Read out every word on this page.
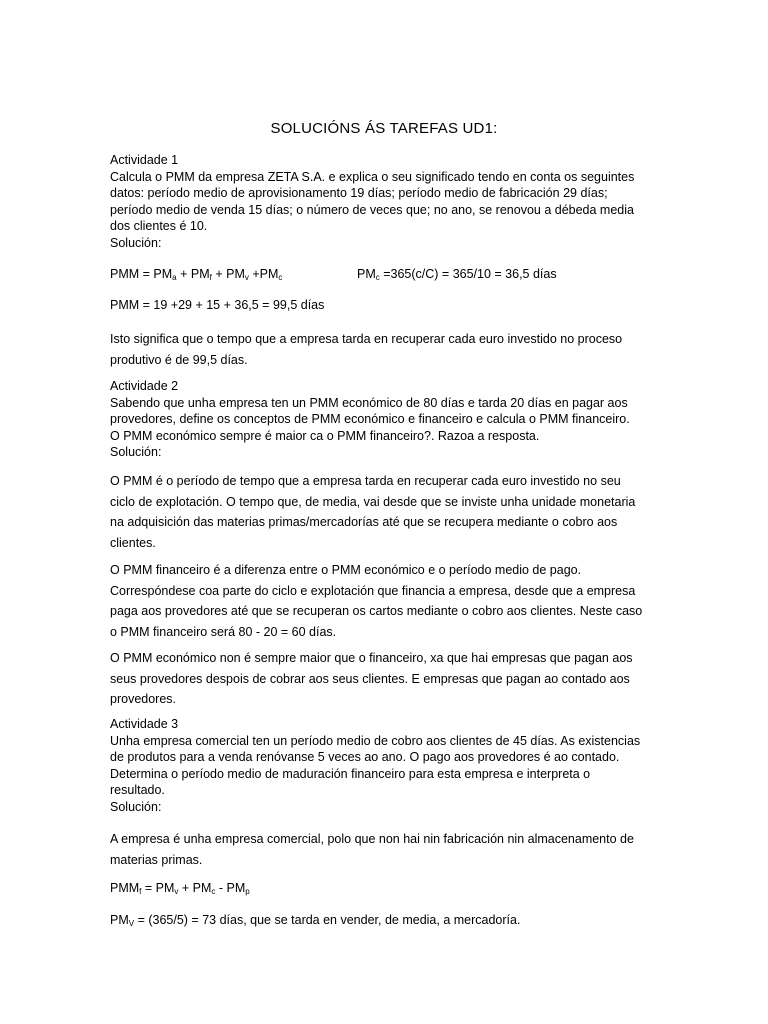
SOLUCIÓNS ÁS TAREFAS UD1:
Actividade 1
Calcula o PMM da empresa ZETA S.A. e explica o seu significado tendo en conta os seguintes
datos: período medio de aprovisionamento 19 días; período medio de fabricación 29 días;
período medio de venda 15 días; o número de veces que; no ano, se renovou a débeda media
dos clientes é 10.
Solución:
PMM = $PM_a + PM_f + PM_v +PM_c$	$PM_c =365(c/C) = 365/10 = 36,5$ días
PMM = 19 +29 + 15 + 36,5 = 99,5 días
Isto significa que o tempo que a empresa tarda en recuperar cada euro investido no proceso
produtivo é de 99,5 días.
Actividade 2
Sabendo que unha empresa ten un PMM económico de 80 días e tarda 20 días en pagar aos
provedores, define os conceptos de PMM económico e financeiro e calcula o PMM financeiro.
O PMM económico sempre é maior ca o PMM financeiro?. Razoa a resposta.
Solución:
O PMM é o período de tempo que a empresa tarda en recuperar cada euro investido no seu
ciclo de explotación. O tempo que, de media, vai desde que se inviste unha unidade monetaria
na adquisición das materias primas/mercadorías até que se recupera mediante o cobro aos
clientes.
O PMM financeiro é a diferenza entre o PMM económico e o período medio de pago.
Correspóndese coa parte do ciclo e explotación que financia a empresa, desde que a empresa
paga aos provedores até que se recuperan os cartos mediante o cobro aos clientes. Neste caso
o PMM financeiro será 80 - 20 = 60 días.
O PMM económico non é sempre maior que o financeiro, xa que hai empresas que pagan aos
seus provedores despois de cobrar aos seus clientes. E empresas que pagan ao contado aos
provedores.
Actividade 3
Unha empresa comercial ten un período medio de cobro aos clientes de 45 días. As existencias
de produtos para a venda renóvanse 5 veces ao ano. O pago aos provedores é ao contado.
Determina o período medio de maduración financeiro para esta empresa e interpreta o
resultado.
Solución:
A empresa é unha empresa comercial, polo que non hai nin fabricación nin almacenamento de
materias primas.
$PMM_f = PM_v + PM_c - PM_p$
$PM_V = (365/5) = 73$ días, que se tarda en vender, de media, a mercadoría.
